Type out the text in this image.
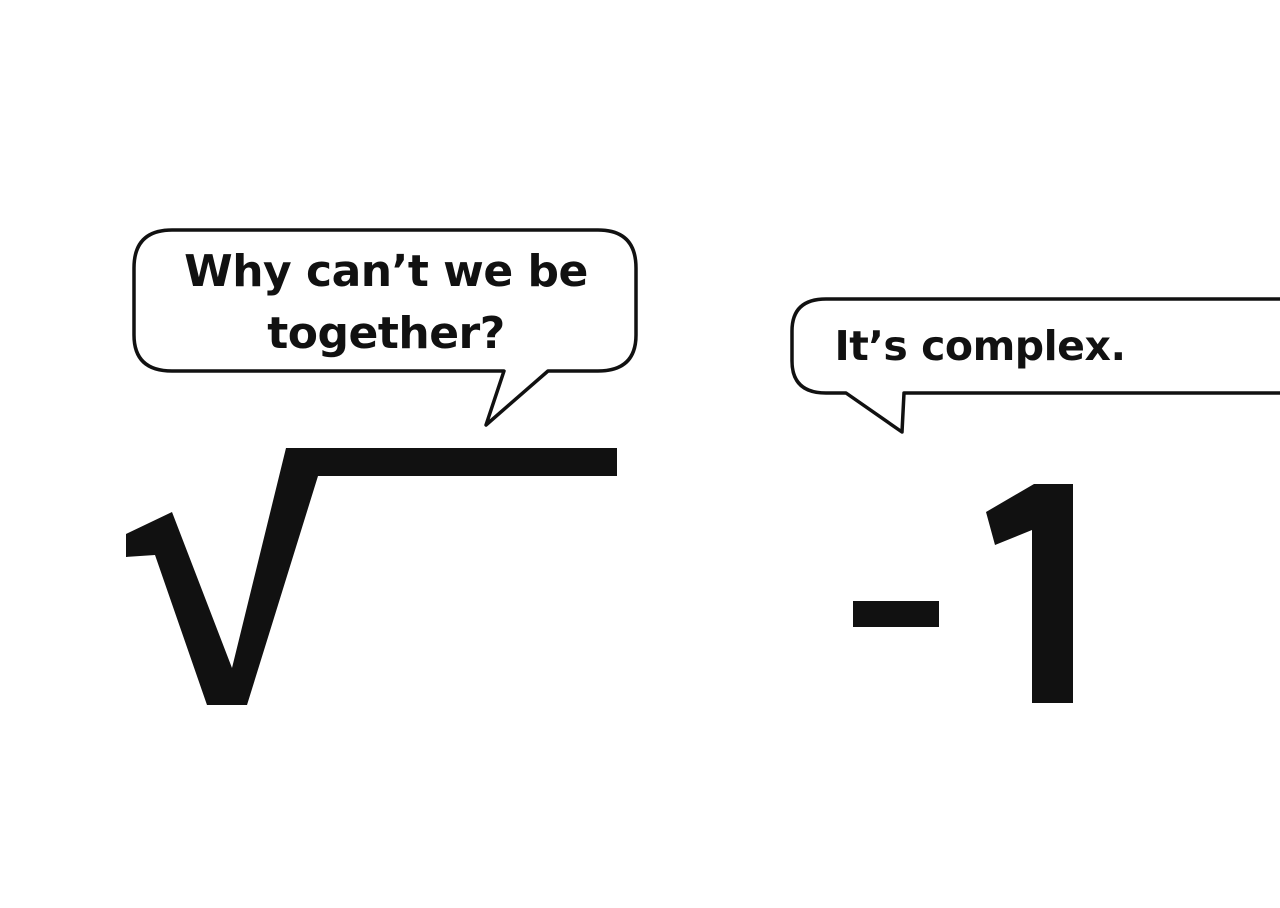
Why can’t we be
together?	It’s complex.
